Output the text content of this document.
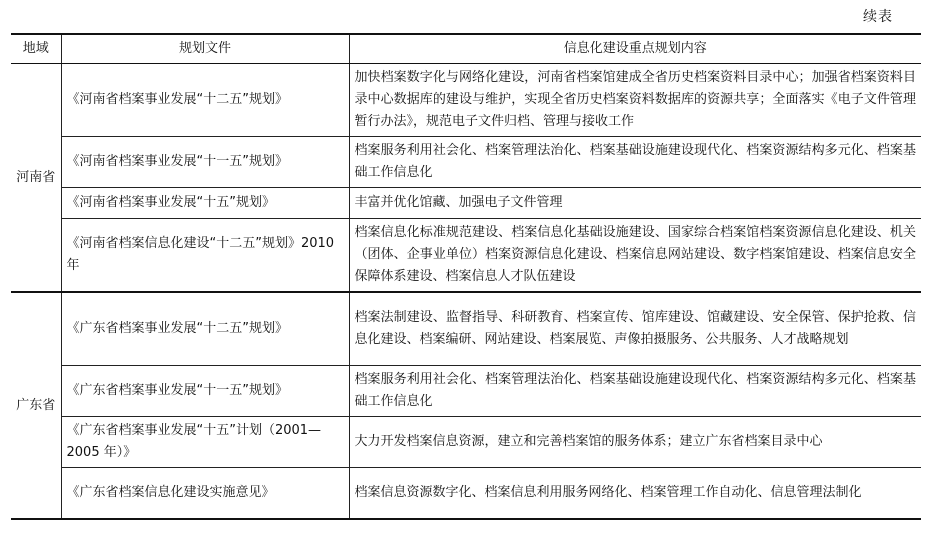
续表
地域	规划文件	信息化建设重点规划内容
河南省	《河南省档案事业发展“十二五”规划》	加快档案数字化与网络化建设，河南省档案馆建成全省历史档案资料目录中心；加强省档案资料目录中心数据库的建设与维护，实现全省历史档案资料数据库的资源共享；全面落实《电子文件管理暂行办法》，规范电子文件归档、管理与接收工作
	《河南省档案事业发展“十一五”规划》	档案服务利用社会化、档案管理法治化、档案基础设施建设现代化、档案资源结构多元化、档案基础工作信息化
	《河南省档案事业发展“十五”规划》	丰富并优化馆藏、加强电子文件管理
	《河南省档案信息化建设“十二五”规划》2010 年	档案信息化标准规范建设、档案信息化基础设施建设、国家综合档案馆档案资源信息化建设、机关（团体、企事业单位）档案资源信息化建设、档案信息网站建设、数字档案馆建设、档案信息安全保障体系建设、档案信息人才队伍建设
广东省	《广东省档案事业发展“十二五”规划》	档案法制建设、监督指导、科研教育、档案宣传、馆库建设、馆藏建设、安全保管、保护抢救、信息化建设、档案编研、网站建设、档案展览、声像拍摄服务、公共服务、人才战略规划
	《广东省档案事业发展“十一五”规划》	档案服务利用社会化、档案管理法治化、档案基础设施建设现代化、档案资源结构多元化、档案基础工作信息化
	《广东省档案事业发展“十五”计划（2001—2005 年）》	大力开发档案信息资源，建立和完善档案馆的服务体系；建立广东省档案目录中心
	《广东省档案信息化建设实施意见》	档案信息资源数字化、档案信息利用服务网络化、档案管理工作自动化、信息管理法制化
